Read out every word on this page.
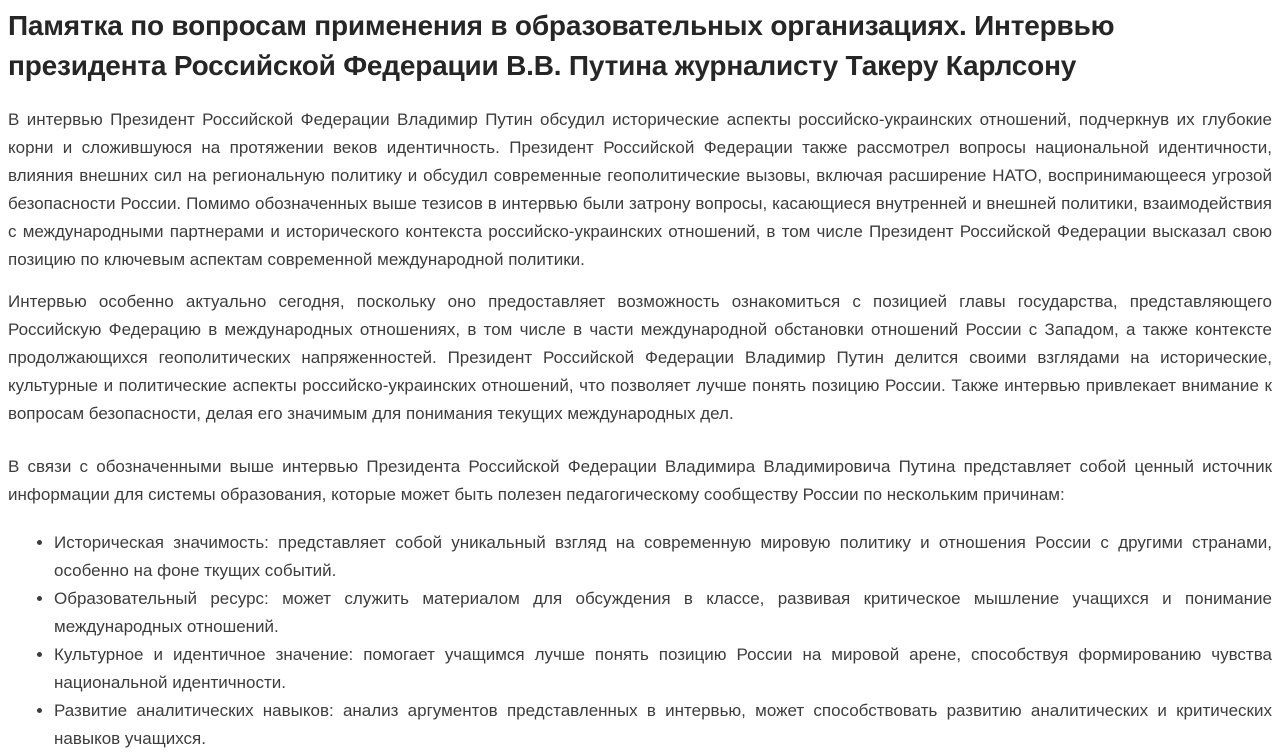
Памятка по вопросам применения в образовательных организациях. Интервью президента Российской Федерации В.В. Путина журналисту Такеру Карлсону

В интервью Президент Российской Федерации Владимир Путин обсудил исторические аспекты российско-украинских отношений, подчеркнув их глубокие корни и сложившуюся на протяжении веков идентичность. Президент Российской Федерации также рассмотрел вопросы национальной идентичности, влияния внешних сил на региональную политику и обсудил современные геополитические вызовы, включая расширение НАТО, воспринимающееся угрозой безопасности России. Помимо обозначенных выше тезисов в интервью были затрону вопросы, касающиеся внутренней и внешней политики, взаимодействия с международными партнерами и исторического контекста российско-украинских отношений, в том числе Президент Российской Федерации высказал свою позицию по ключевым аспектам современной международной политики.

Интервью особенно актуально сегодня, поскольку оно предоставляет возможность ознакомиться с позицией главы государства, представляющего Российскую Федерацию в международных отношениях, в том числе в части международной обстановки отношений России с Западом, а также контексте продолжающихся геополитических напряженностей. Президент Российской Федерации Владимир Путин делится своими взглядами на исторические, культурные и политические аспекты российско-украинских отношений, что позволяет лучше понять позицию России. Также интервью привлекает внимание к вопросам безопасности, делая его значимым для понимания текущих международных дел.

В связи с обозначенными выше интервью Президента Российской Федерации Владимира Владимировича Путина представляет собой ценный источник информации для системы образования, которые может быть полезен педагогическому сообществу России по нескольким причинам:

• Историческая значимость: представляет собой уникальный взгляд на современную мировую политику и отношения России с другими странами, особенно на фоне ткущих событий.
• Образовательный ресурс: может служить материалом для обсуждения в классе, развивая критическое мышление учащихся и понимание международных отношений.
• Культурное и идентичное значение: помогает учащимся лучше понять позицию России на мировой арене, способствуя формированию чувства национальной идентичности.
• Развитие аналитических навыков: анализ аргументов представленных в интервью, может способствовать развитию аналитических и критических навыков учащихся.
